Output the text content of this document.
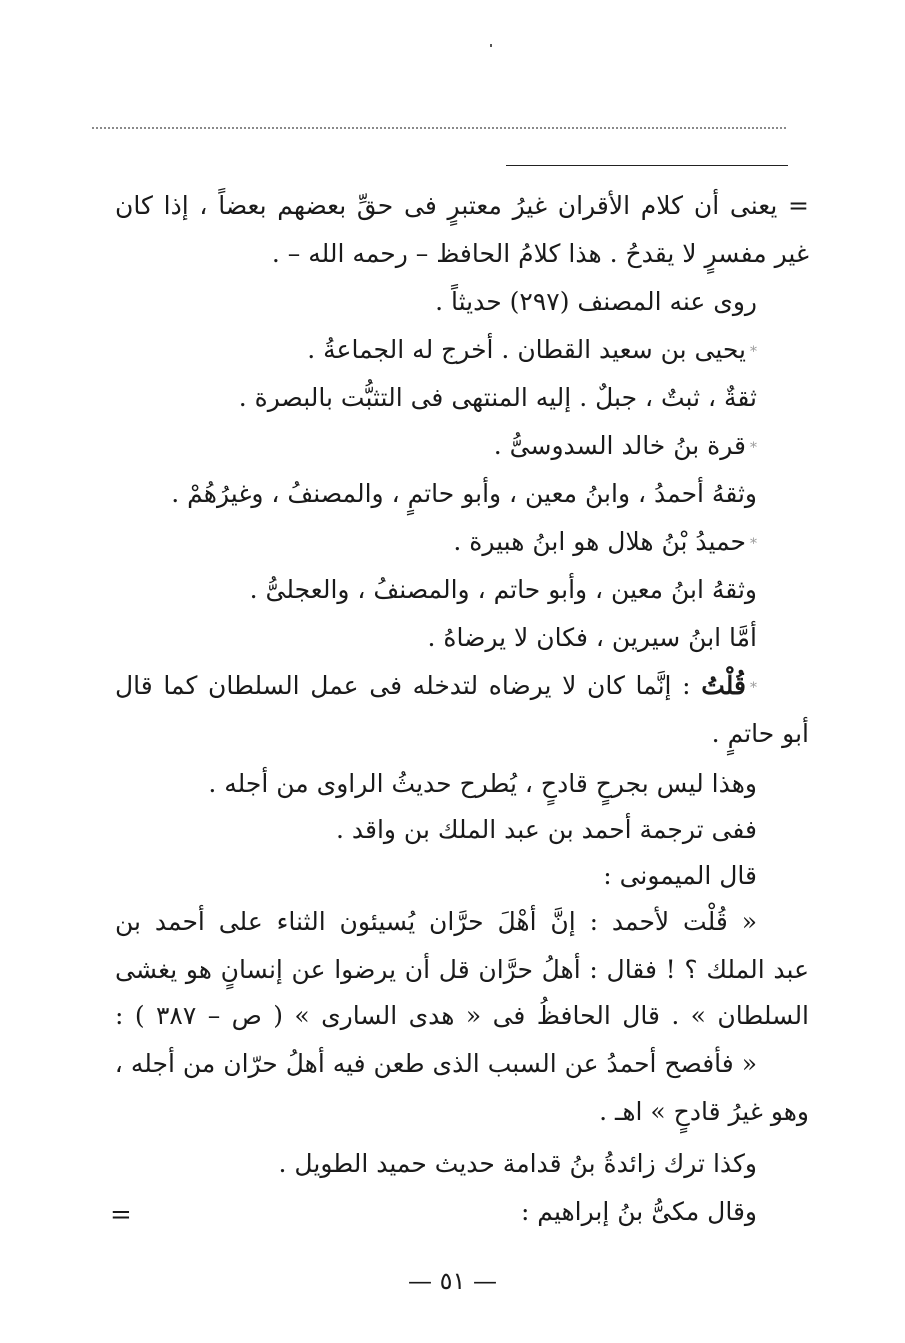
= يعنى أن كلام الأقران غيرُ معتبرٍ فى حقِّ بعضهم بعضاً ، إذا كان
غير مفسرٍ لا يقدحُ . هذا كلامُ الحافظ – رحمه الله – .
روى عنه المصنف (٢٩٧) حديثاً .
*يحيى بن سعيد القطان . أخرج له الجماعةُ .
ثقةٌ ، ثبتٌ ، جبلٌ . إليه المنتهى فى التثبُّت بالبصرة .
*قرة بنُ خالد السدوسىُّ .
وثقهُ أحمدُ ، وابنُ معين ، وأبو حاتمٍ ، والمصنفُ ، وغيرُهُمْ .
*حميدُ بْنُ هلال هو ابنُ هبيرة .
وثقهُ ابنُ معين ، وأبو حاتم ، والمصنفُ ، والعجلىُّ .
أمَّا ابنُ سيرين ، فكان لا يرضاهُ .
*قُلْتُ : إنَّما كان لا يرضاه لتدخله فى عمل السلطان كما قال
أبو حاتمٍ .
وهذا ليس بجرحٍ قادحٍ ، يُطرح حديثُ الراوى من أجله .
ففى ترجمة أحمد بن عبد الملك بن واقد .
قال الميمونى :
« قُلْت لأحمد : إنَّ أهْلَ حرَّان يُسيئون الثناء على أحمد بن
عبد الملك ؟ ! فقال : أهلُ حرَّان قل أن يرضوا عن إنسانٍ هو يغشى
السلطان » . قال الحافظُ فى « هدى السارى » ( ص – ٣٨٧ ) :
« فأفصح أحمدُ عن السبب الذى طعن فيه أهلُ حرّان من أجله ،
وهو غيرُ قادحٍ » اهـ .
وكذا ترك زائدةُ بنُ قدامة حديث حميد الطويل .
وقال مكىُّ بنُ إبراهيم :
=
— ٥١ —
